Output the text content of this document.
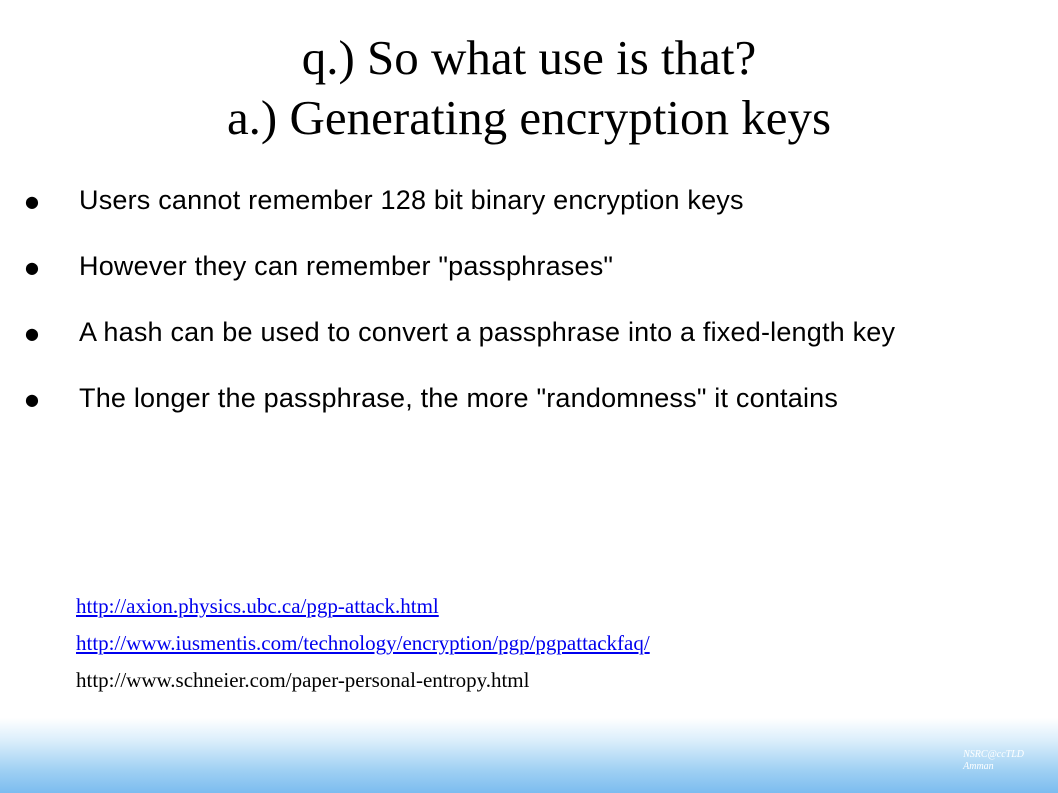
q.) So what use is that?
a.) Generating encryption keys
● Users cannot remember 128 bit binary encryption keys
● However they can remember "passphrases"
● A hash can be used to convert a passphrase into a fixed-length key
● The longer the passphrase, the more "randomness" it contains
http://axion.physics.ubc.ca/pgp-attack.html
http://www.iusmentis.com/technology/encryption/pgp/pgpattackfaq/
http://www.schneier.com/paper-personal-entropy.html
NSRC@ccTLD
Amman
